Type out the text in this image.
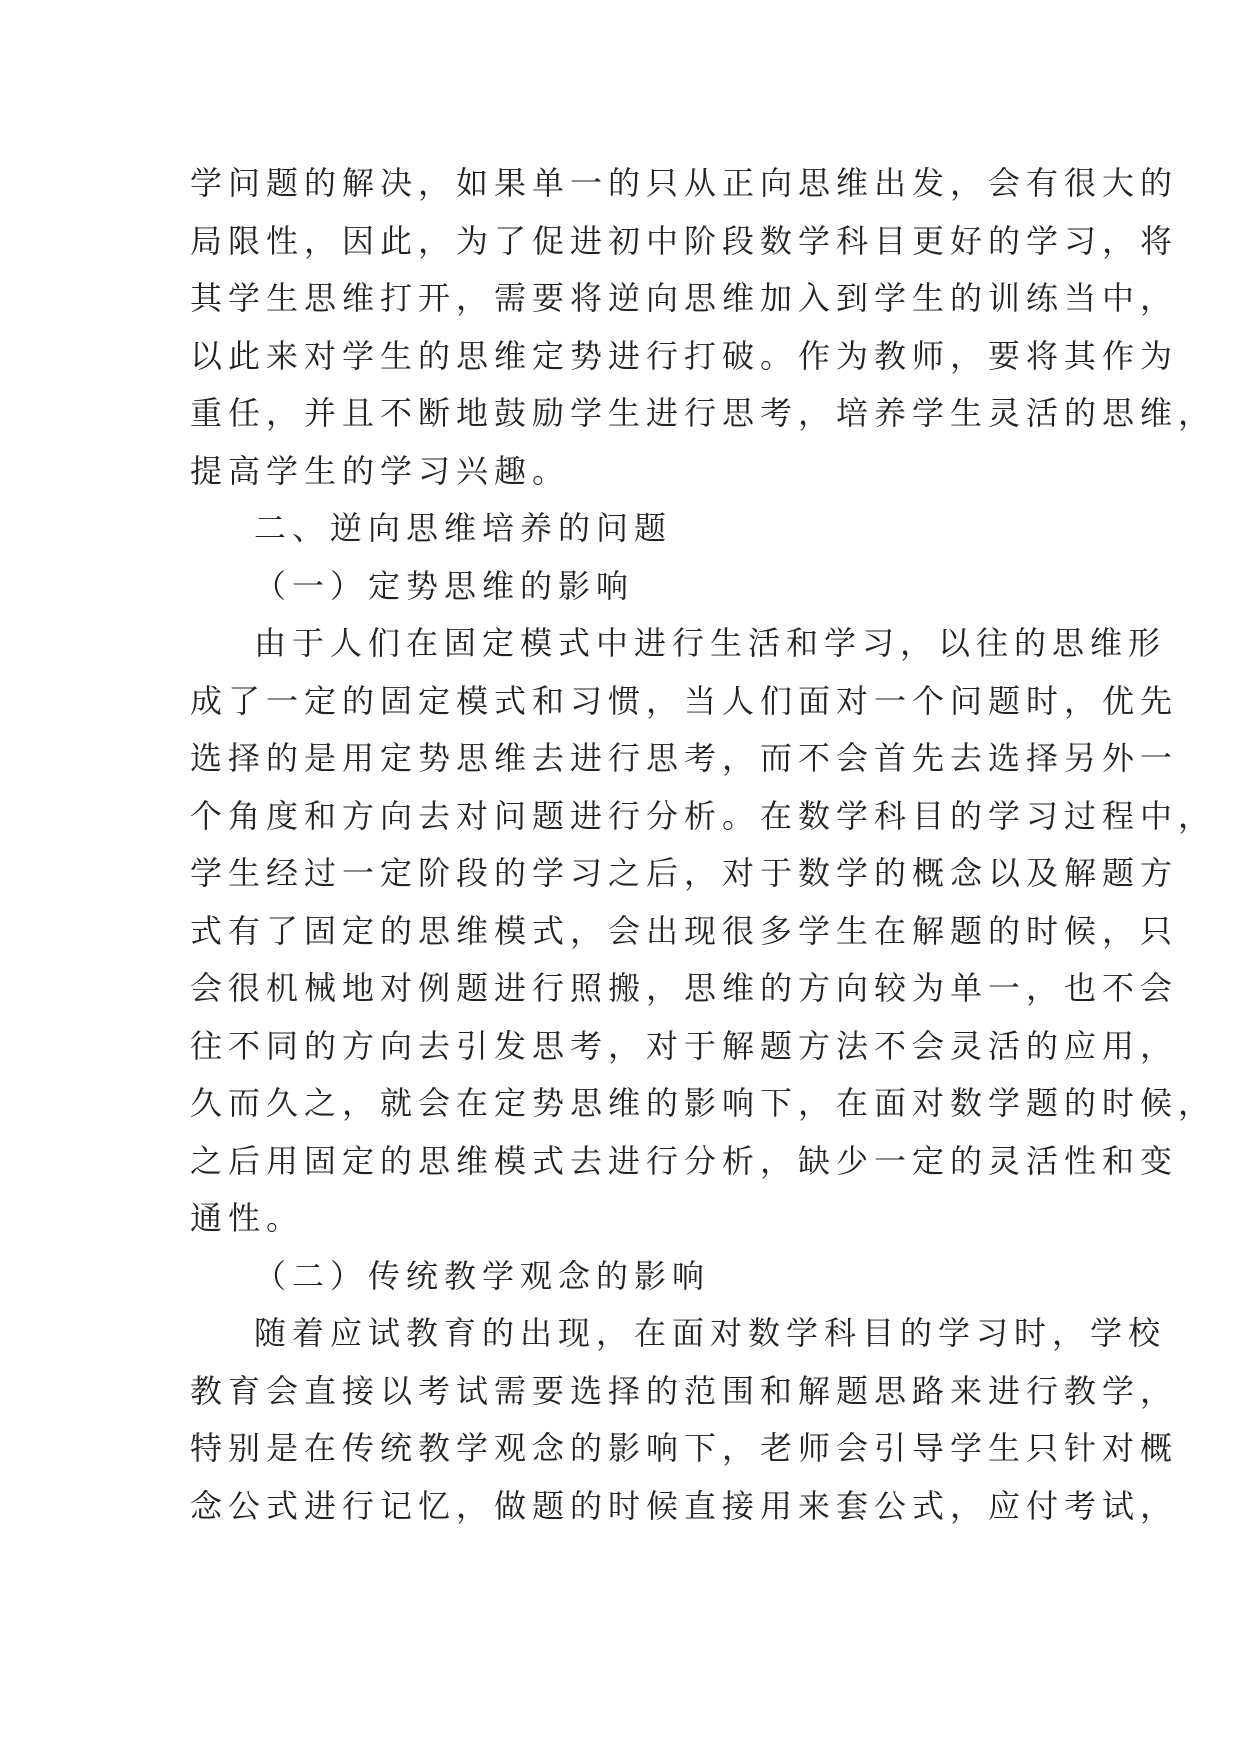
学问题的解决，如果单一的只从正向思维出发，会有很大的
局限性，因此，为了促进初中阶段数学科目更好的学习，将
其学生思维打开，需要将逆向思维加入到学生的训练当中，
以此来对学生的思维定势进行打破。作为教师，要将其作为
重任，并且不断地鼓励学生进行思考，培养学生灵活的思维，
提高学生的学习兴趣。
二、逆向思维培养的问题
（一）定势思维的影响
由于人们在固定模式中进行生活和学习，以往的思维形
成了一定的固定模式和习惯，当人们面对一个问题时，优先
选择的是用定势思维去进行思考，而不会首先去选择另外一
个角度和方向去对问题进行分析。在数学科目的学习过程中，
学生经过一定阶段的学习之后，对于数学的概念以及解题方
式有了固定的思维模式，会出现很多学生在解题的时候，只
会很机械地对例题进行照搬，思维的方向较为单一，也不会
往不同的方向去引发思考，对于解题方法不会灵活的应用，
久而久之，就会在定势思维的影响下，在面对数学题的时候，
之后用固定的思维模式去进行分析，缺少一定的灵活性和变
通性。
（二）传统教学观念的影响
随着应试教育的出现，在面对数学科目的学习时，学校
教育会直接以考试需要选择的范围和解题思路来进行教学，
特别是在传统教学观念的影响下，老师会引导学生只针对概
念公式进行记忆，做题的时候直接用来套公式，应付考试，
